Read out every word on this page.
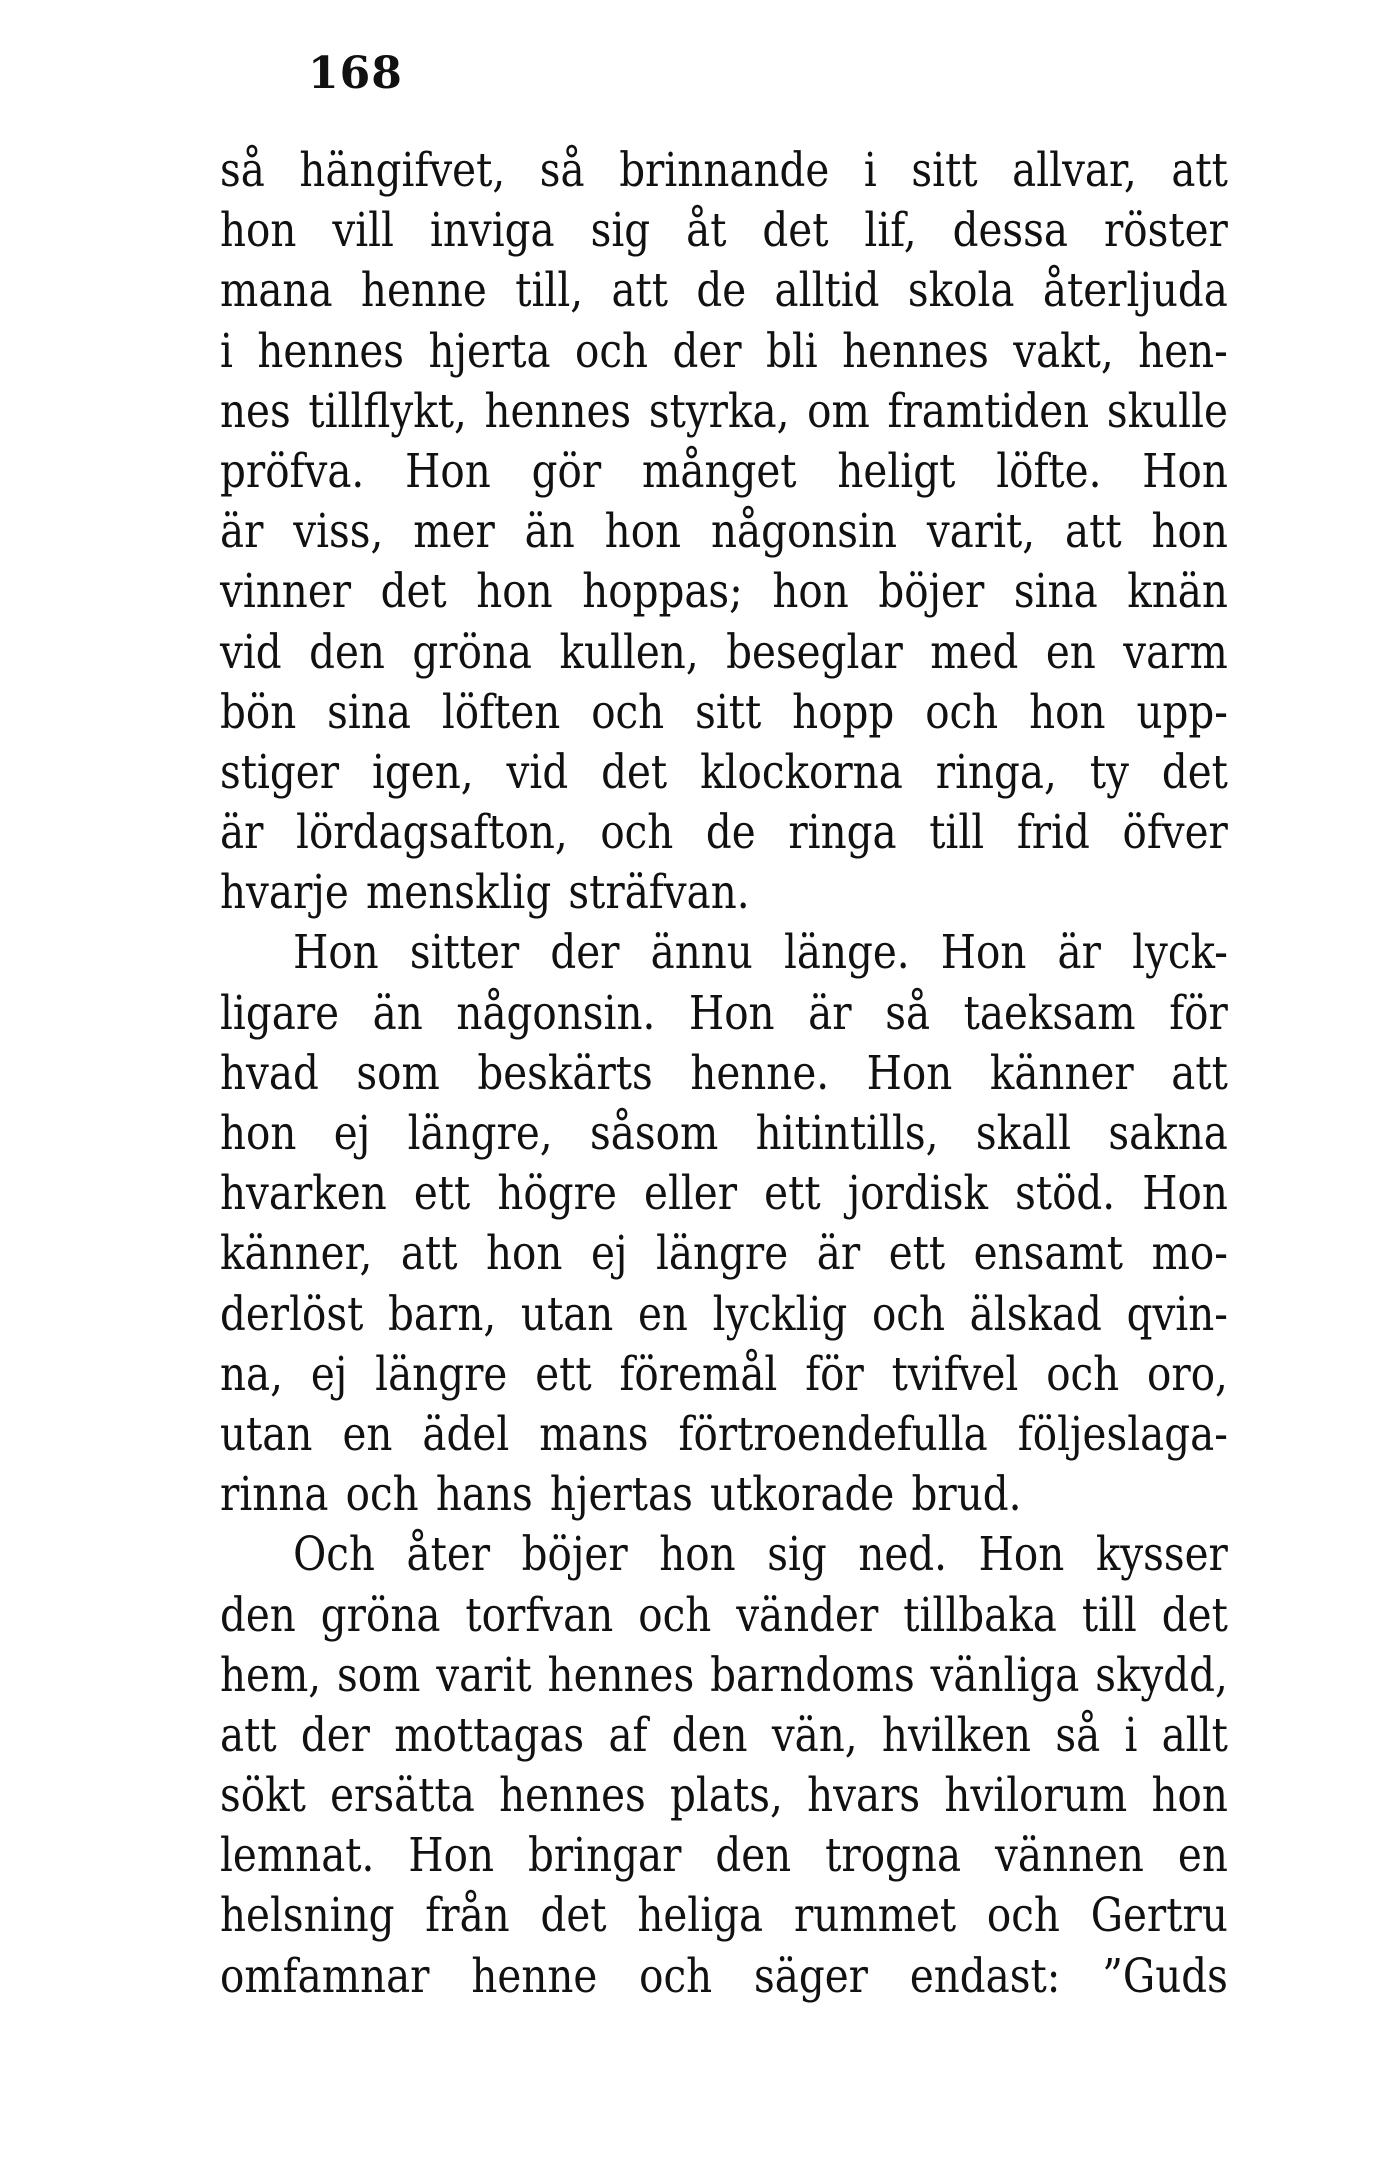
168
så hängifvet, så brinnande i sitt allvar, att
hon vill inviga sig åt det lif, dessa röster
mana henne till, att de alltid skola återljuda
i hennes hjerta och der bli hennes vakt, hen-
nes tillflykt, hennes styrka, om framtiden skulle
pröfva. Hon gör månget heligt löfte. Hon
är viss, mer än hon någonsin varit, att hon
vinner det hon hoppas; hon böjer sina knän
vid den gröna kullen, beseglar med en varm
bön sina löften och sitt hopp och hon upp-
stiger igen, vid det klockorna ringa, ty det
är lördagsafton, och de ringa till frid öfver
hvarje mensklig sträfvan.
Hon sitter der ännu länge. Hon är lyck-
ligare än någonsin. Hon är så taeksam för
hvad som beskärts henne. Hon känner att
hon ej längre, såsom hitintills, skall sakna
hvarken ett högre eller ett jordisk stöd. Hon
känner, att hon ej längre är ett ensamt mo-
derlöst barn, utan en lycklig och älskad qvin-
na, ej längre ett föremål för tvifvel och oro,
utan en ädel mans förtroendefulla följeslaga-
rinna och hans hjertas utkorade brud.
Och åter böjer hon sig ned. Hon kysser
den gröna torfvan och vänder tillbaka till det
hem, som varit hennes barndoms vänliga skydd,
att der mottagas af den vän, hvilken så i allt
sökt ersätta hennes plats, hvars hvilorum hon
lemnat. Hon bringar den trogna vännen en
helsning från det heliga rummet och Gertru
omfamnar henne och säger endast: ”Guds
